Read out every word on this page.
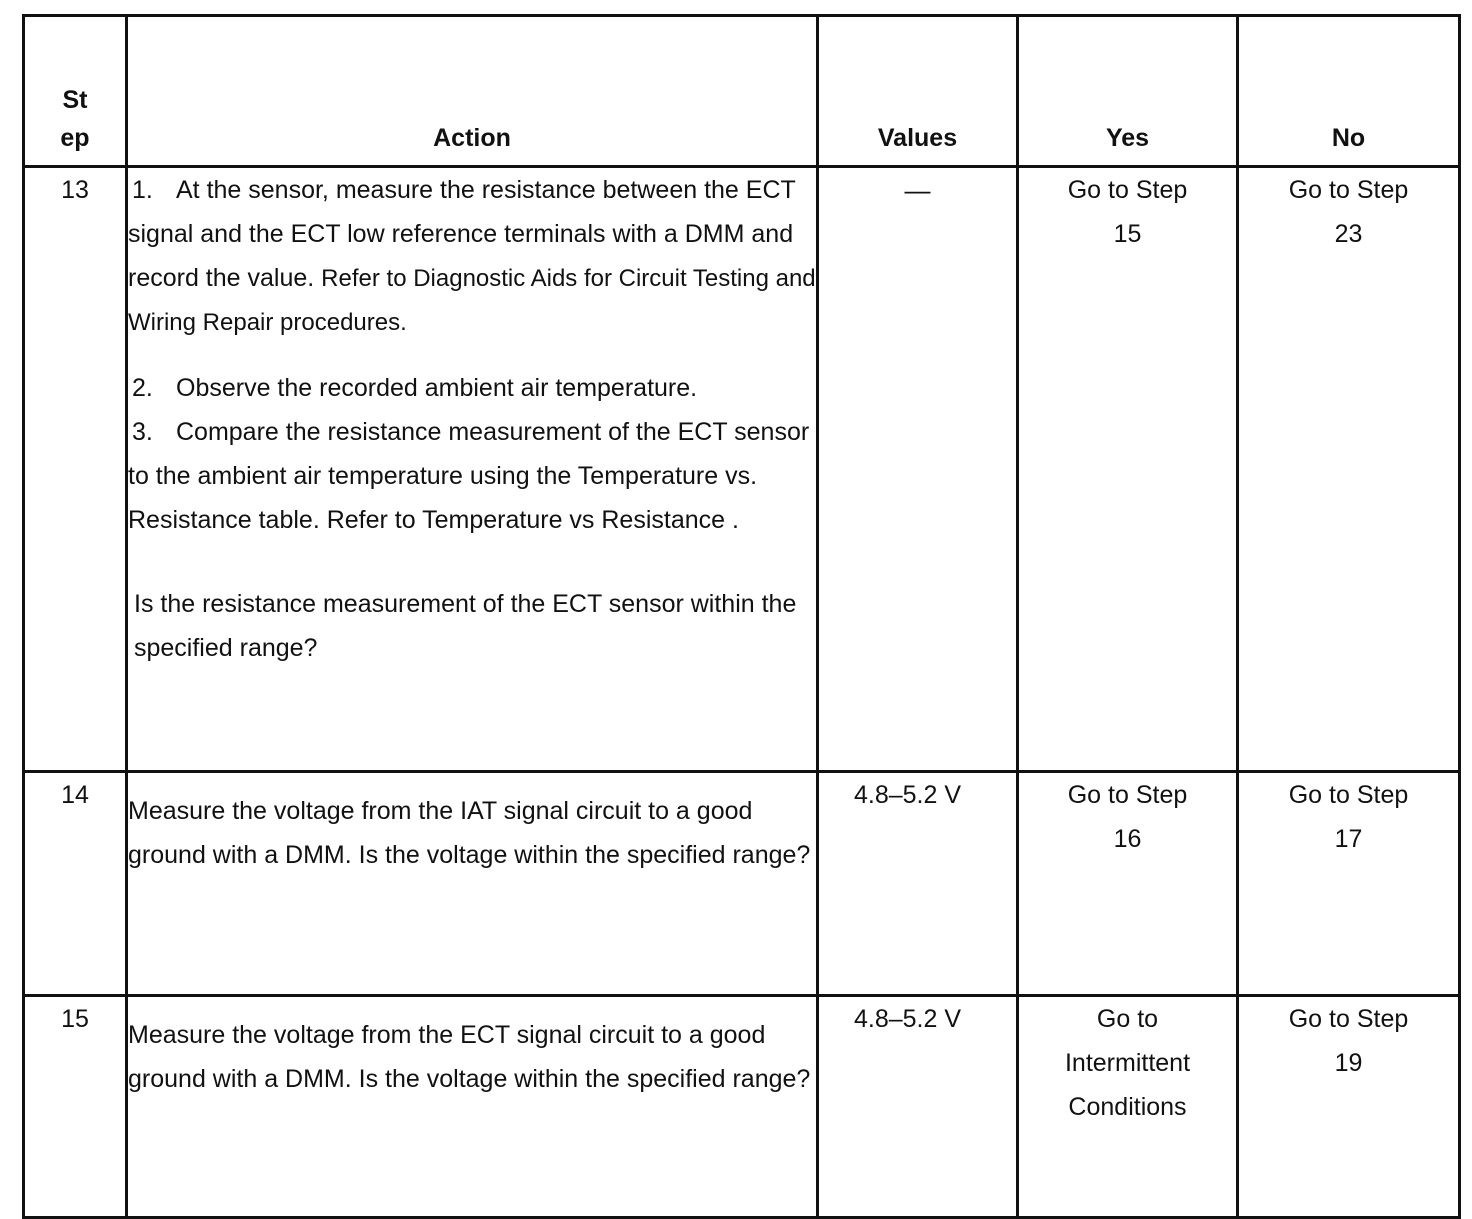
St ep	Action	Values	Yes	No
13	1. At the sensor, measure the resistance between the ECT signal and the ECT low reference terminals with a DMM and record the value. Refer to Diagnostic Aids for Circuit Testing and Wiring Repair procedures.
2. Observe the recorded ambient air temperature.
3. Compare the resistance measurement of the ECT sensor to the ambient air temperature using the Temperature vs. Resistance table. Refer to Temperature vs Resistance .
Is the resistance measurement of the ECT sensor within the specified range?	—	Go to Step 15	Go to Step 23

14	Measure the voltage from the IAT signal circuit to a good ground with a DMM. Is the voltage within the specified range?	4.8–5.2 V	Go to Step 16	Go to Step 17

15	Measure the voltage from the ECT signal circuit to a good ground with a DMM. Is the voltage within the specified range?	4.8–5.2 V	Go to Intermittent Conditions	Go to Step 19
